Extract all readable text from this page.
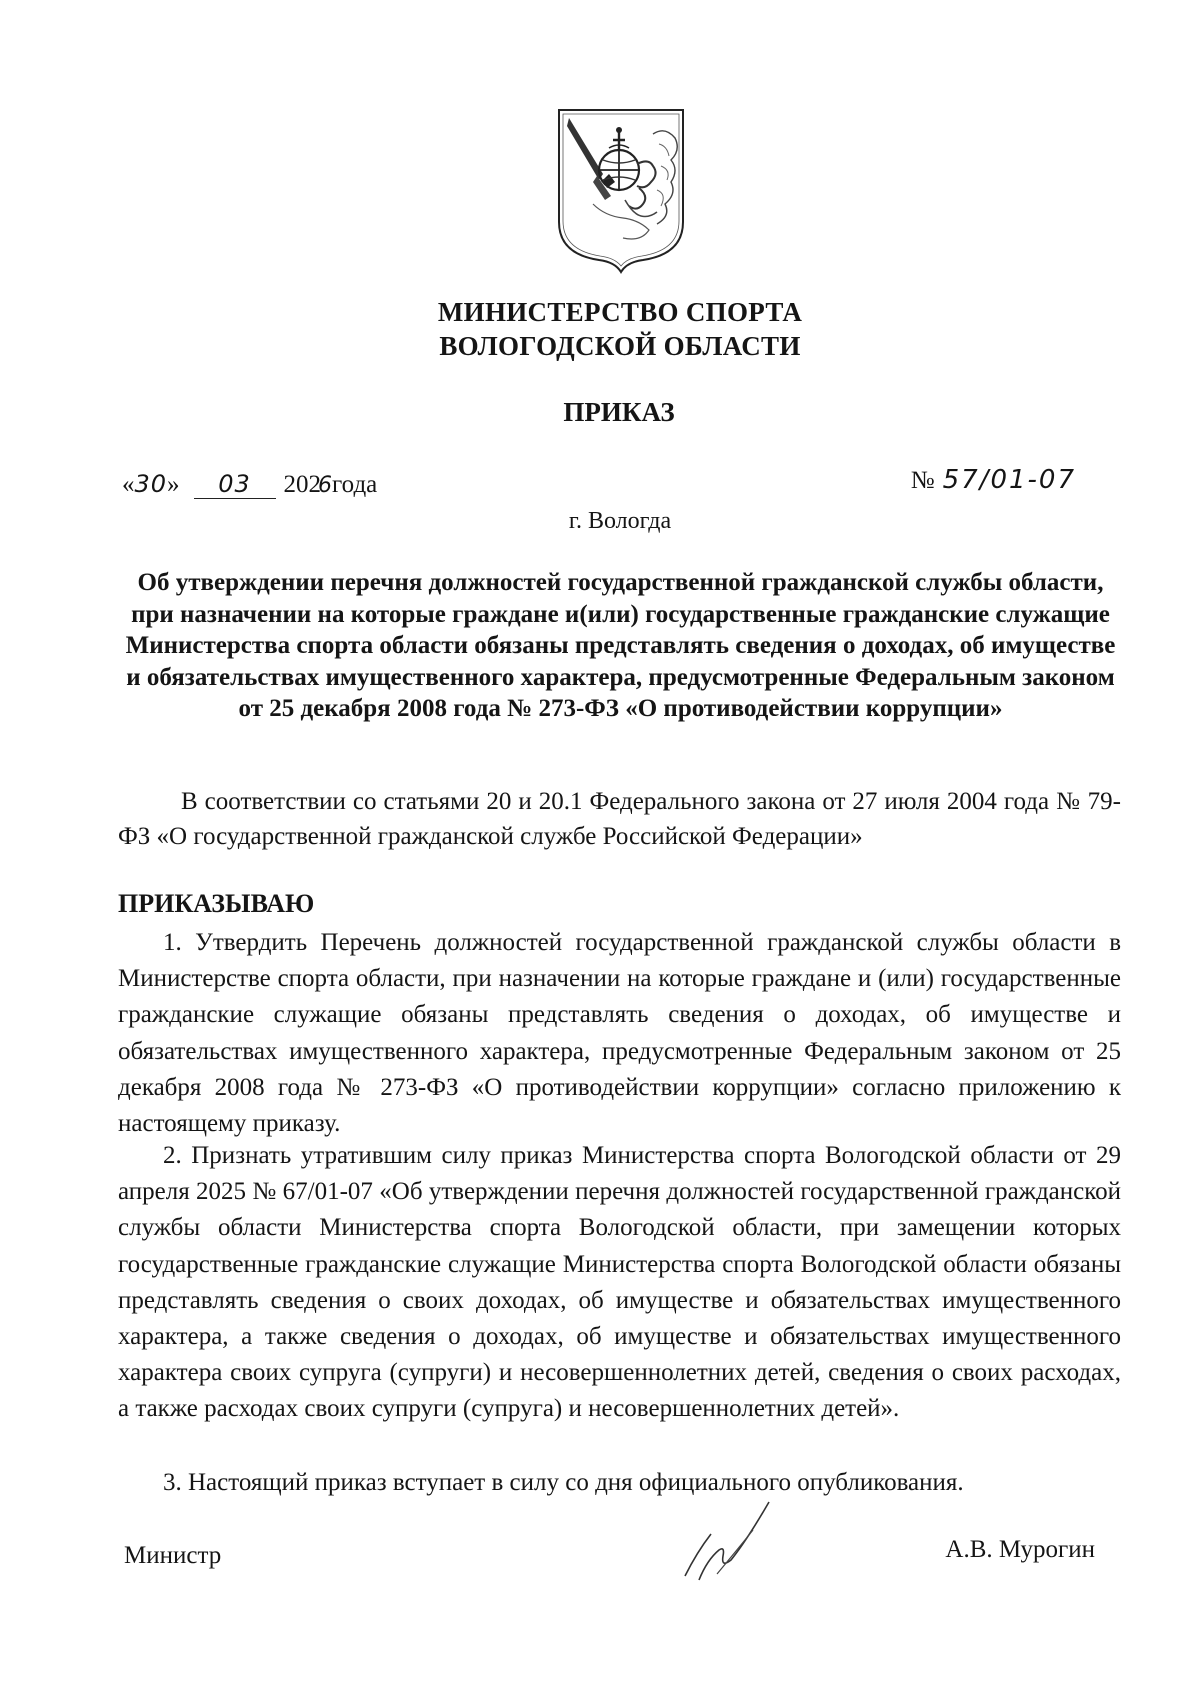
МИНИСТЕРСТВО СПОРТА
ВОЛОГОДСКОЙ ОБЛАСТИ
ПРИКАЗ
«30» 03 2026года	№ 57/01-07
г. Вологда
Об утверждении перечня должностей государственной гражданской службы области, при назначении на которые граждане и(или) государственные гражданские служащие Министерства спорта области обязаны представлять сведения о доходах, об имуществе и обязательствах имущественного характера, предусмотренные Федеральным законом от 25 декабря 2008 года № 273-ФЗ «О противодействии коррупции»
В соответствии со статьями 20 и 20.1 Федерального закона от 27 июля 2004 года № 79-ФЗ «О государственной гражданской службе Российской Федерации»
ПРИКАЗЫВАЮ
1. Утвердить Перечень должностей государственной гражданской службы области в Министерстве спорта области, при назначении на которые граждане и (или) государственные гражданские служащие обязаны представлять сведения о доходах, об имуществе и обязательствах имущественного характера, предусмотренные Федеральным законом от 25 декабря 2008 года № 273-ФЗ «О противодействии коррупции» согласно приложению к настоящему приказу.
2. Признать утратившим силу приказ Министерства спорта Вологодской области от 29 апреля 2025 № 67/01-07 «Об утверждении перечня должностей государственной гражданской службы области Министерства спорта Вологодской области, при замещении которых государственные гражданские служащие Министерства спорта Вологодской области обязаны представлять сведения о своих доходах, об имуществе и обязательствах имущественного характера, а также сведения о доходах, об имуществе и обязательствах имущественного характера своих супруга (супруги) и несовершеннолетних детей, сведения о своих расходах, а также расходах своих супруги (супруга) и несовершеннолетних детей».
3. Настоящий приказ вступает в силу со дня официального опубликования.
Министр	А.В. Мурогин
